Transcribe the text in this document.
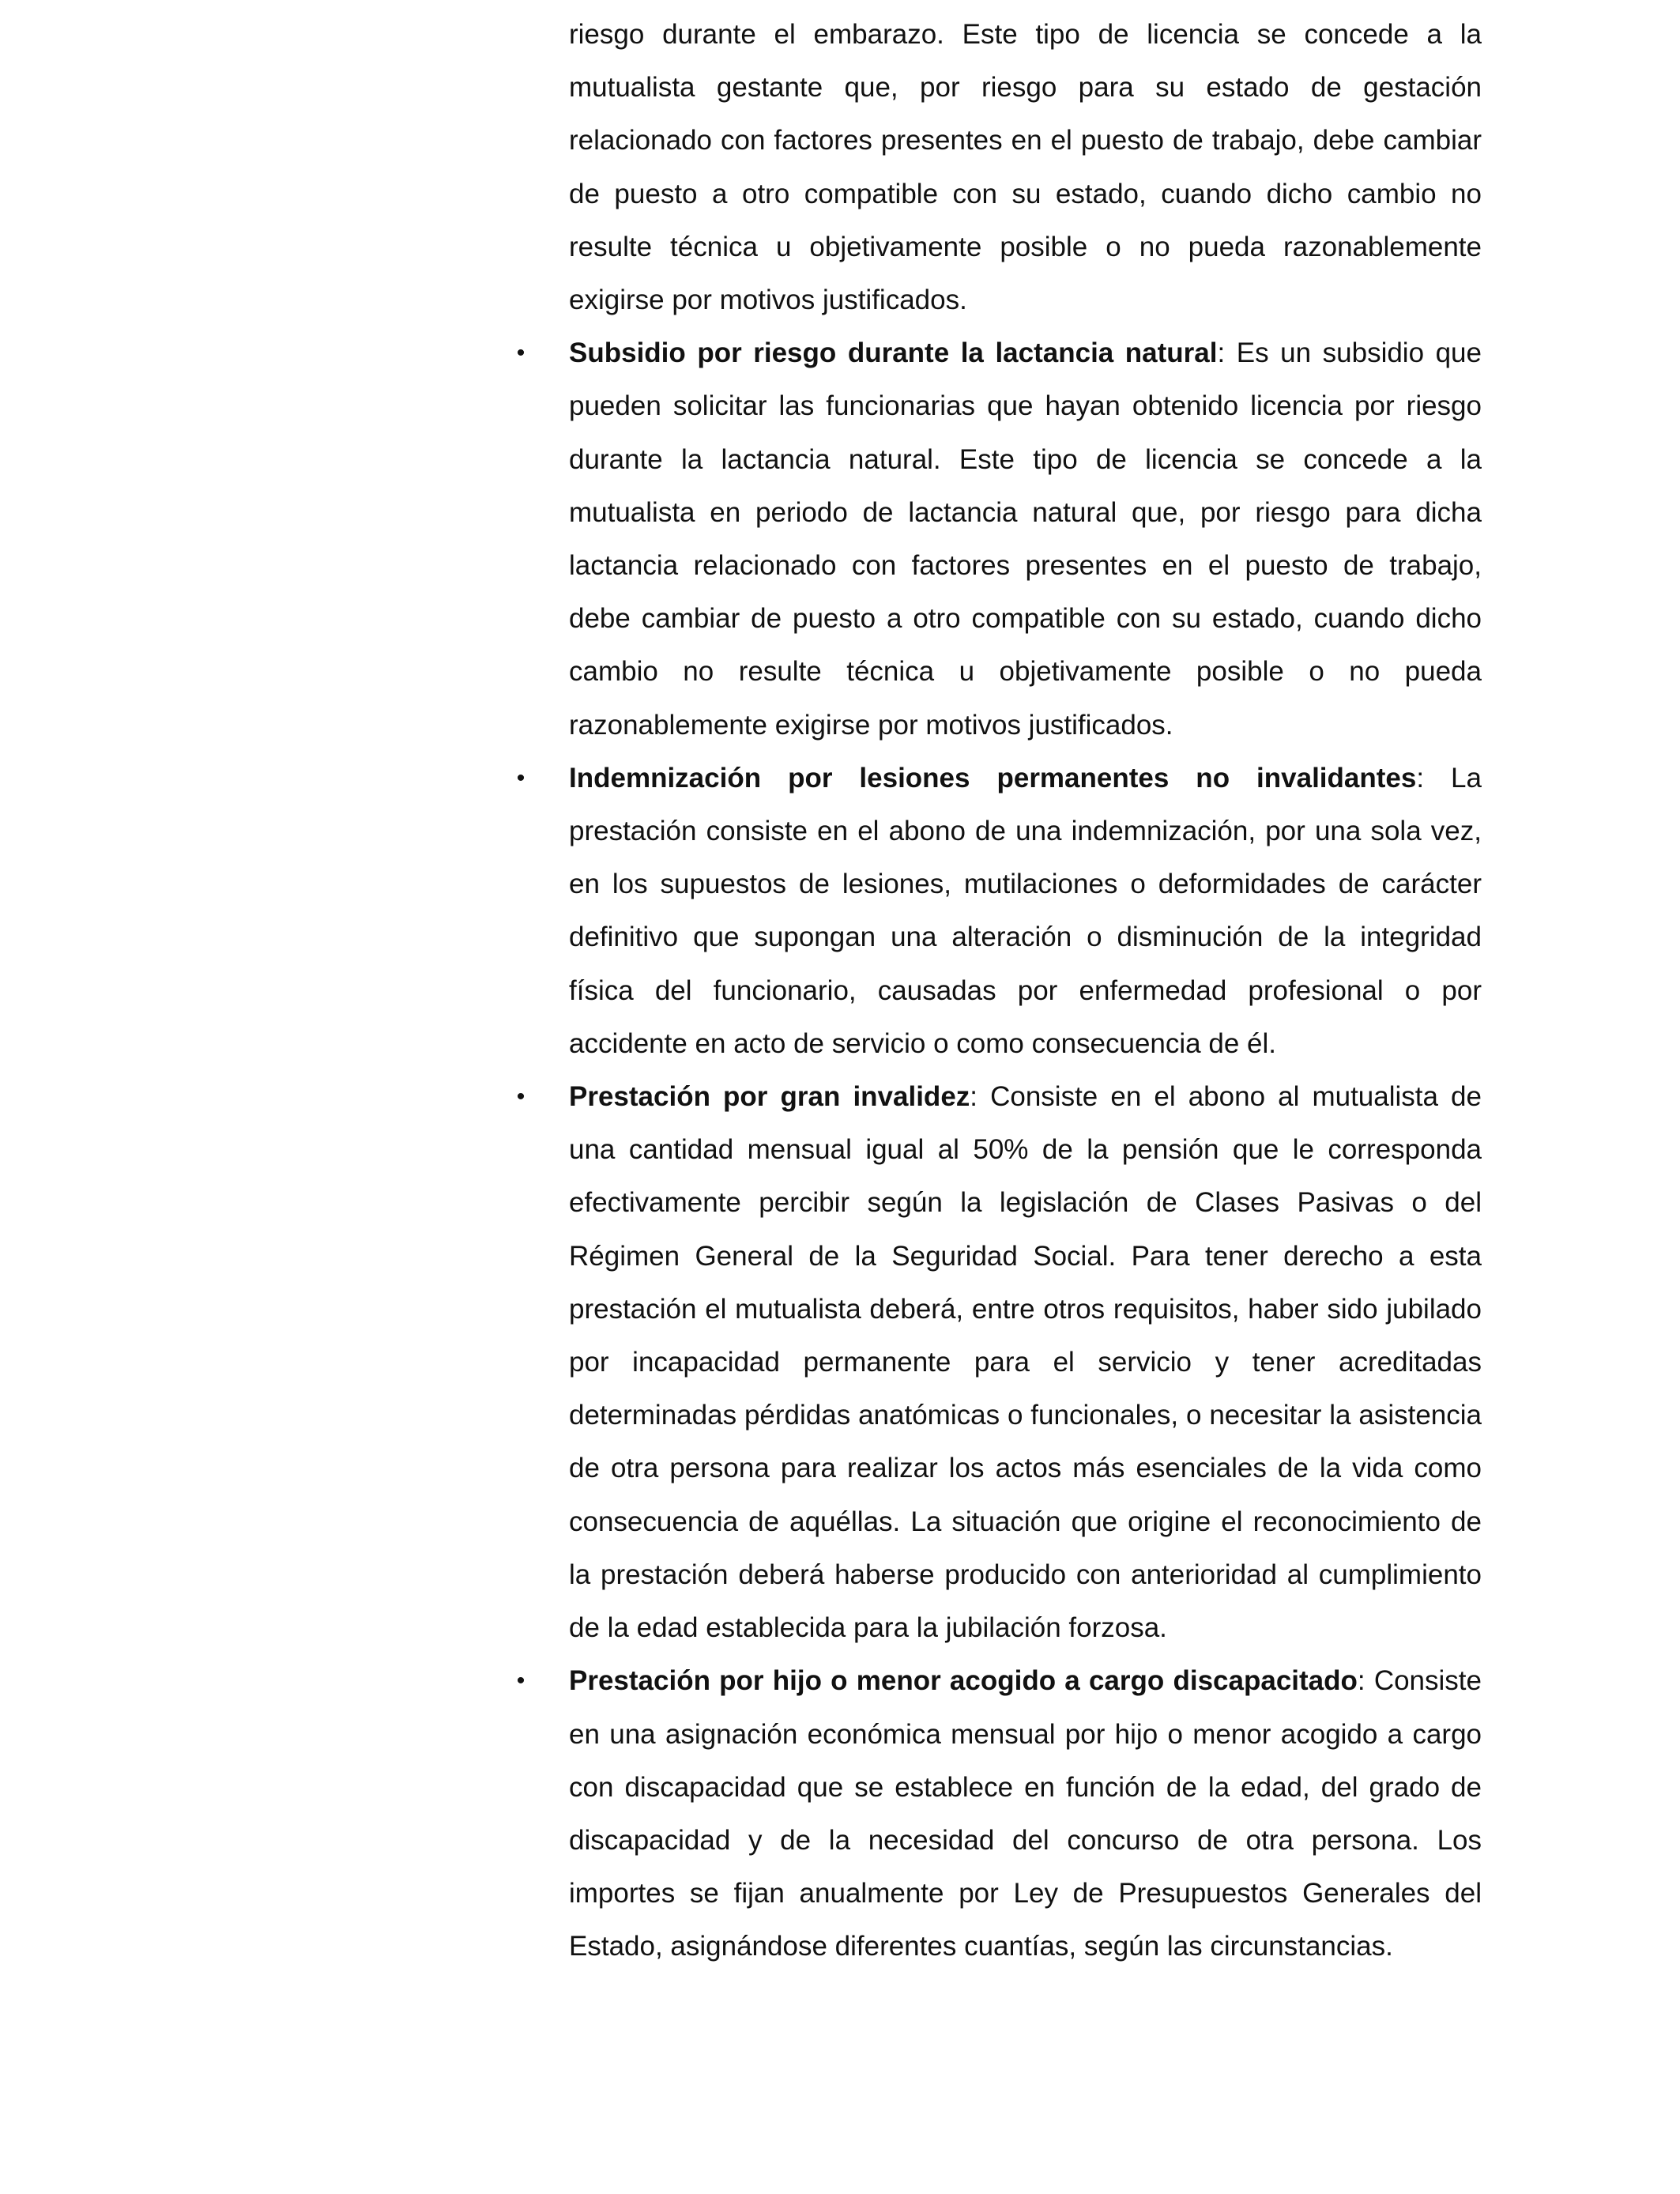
riesgo durante el embarazo. Este tipo de licencia se concede a la mutualista gestante que, por riesgo para su estado de gestación relacionado con factores presentes en el puesto de trabajo, debe cambiar de puesto a otro compatible con su estado, cuando dicho cambio no resulte técnica u objetivamente posible o no pueda razonablemente exigirse por motivos justificados.

• Subsidio por riesgo durante la lactancia natural: Es un subsidio que pueden solicitar las funcionarias que hayan obtenido licencia por riesgo durante la lactancia natural. Este tipo de licencia se concede a la mutualista en periodo de lactancia natural que, por riesgo para dicha lactancia relacionado con factores presentes en el puesto de trabajo, debe cambiar de puesto a otro compatible con su estado, cuando dicho cambio no resulte técnica u objetivamente posible o no pueda razonablemente exigirse por motivos justificados.

• Indemnización por lesiones permanentes no invalidantes: La prestación consiste en el abono de una indemnización, por una sola vez, en los supuestos de lesiones, mutilaciones o deformidades de carácter definitivo que supongan una alteración o disminución de la integridad física del funcionario, causadas por enfermedad profesional o por accidente en acto de servicio o como consecuencia de él.

• Prestación por gran invalidez: Consiste en el abono al mutualista de una cantidad mensual igual al 50% de la pensión que le corresponda efectivamente percibir según la legislación de Clases Pasivas o del Régimen General de la Seguridad Social. Para tener derecho a esta prestación el mutualista deberá, entre otros requisitos, haber sido jubilado por incapacidad permanente para el servicio y tener acreditadas determinadas pérdidas anatómicas o funcionales, o necesitar la asistencia de otra persona para realizar los actos más esenciales de la vida como consecuencia de aquéllas. La situación que origine el reconocimiento de la prestación deberá haberse producido con anterioridad al cumplimiento de la edad establecida para la jubilación forzosa.

• Prestación por hijo o menor acogido a cargo discapacitado: Consiste en una asignación económica mensual por hijo o menor acogido a cargo con discapacidad que se establece en función de la edad, del grado de discapacidad y de la necesidad del concurso de otra persona. Los importes se fijan anualmente por Ley de Presupuestos Generales del Estado, asignándose diferentes cuantías, según las circunstancias.
